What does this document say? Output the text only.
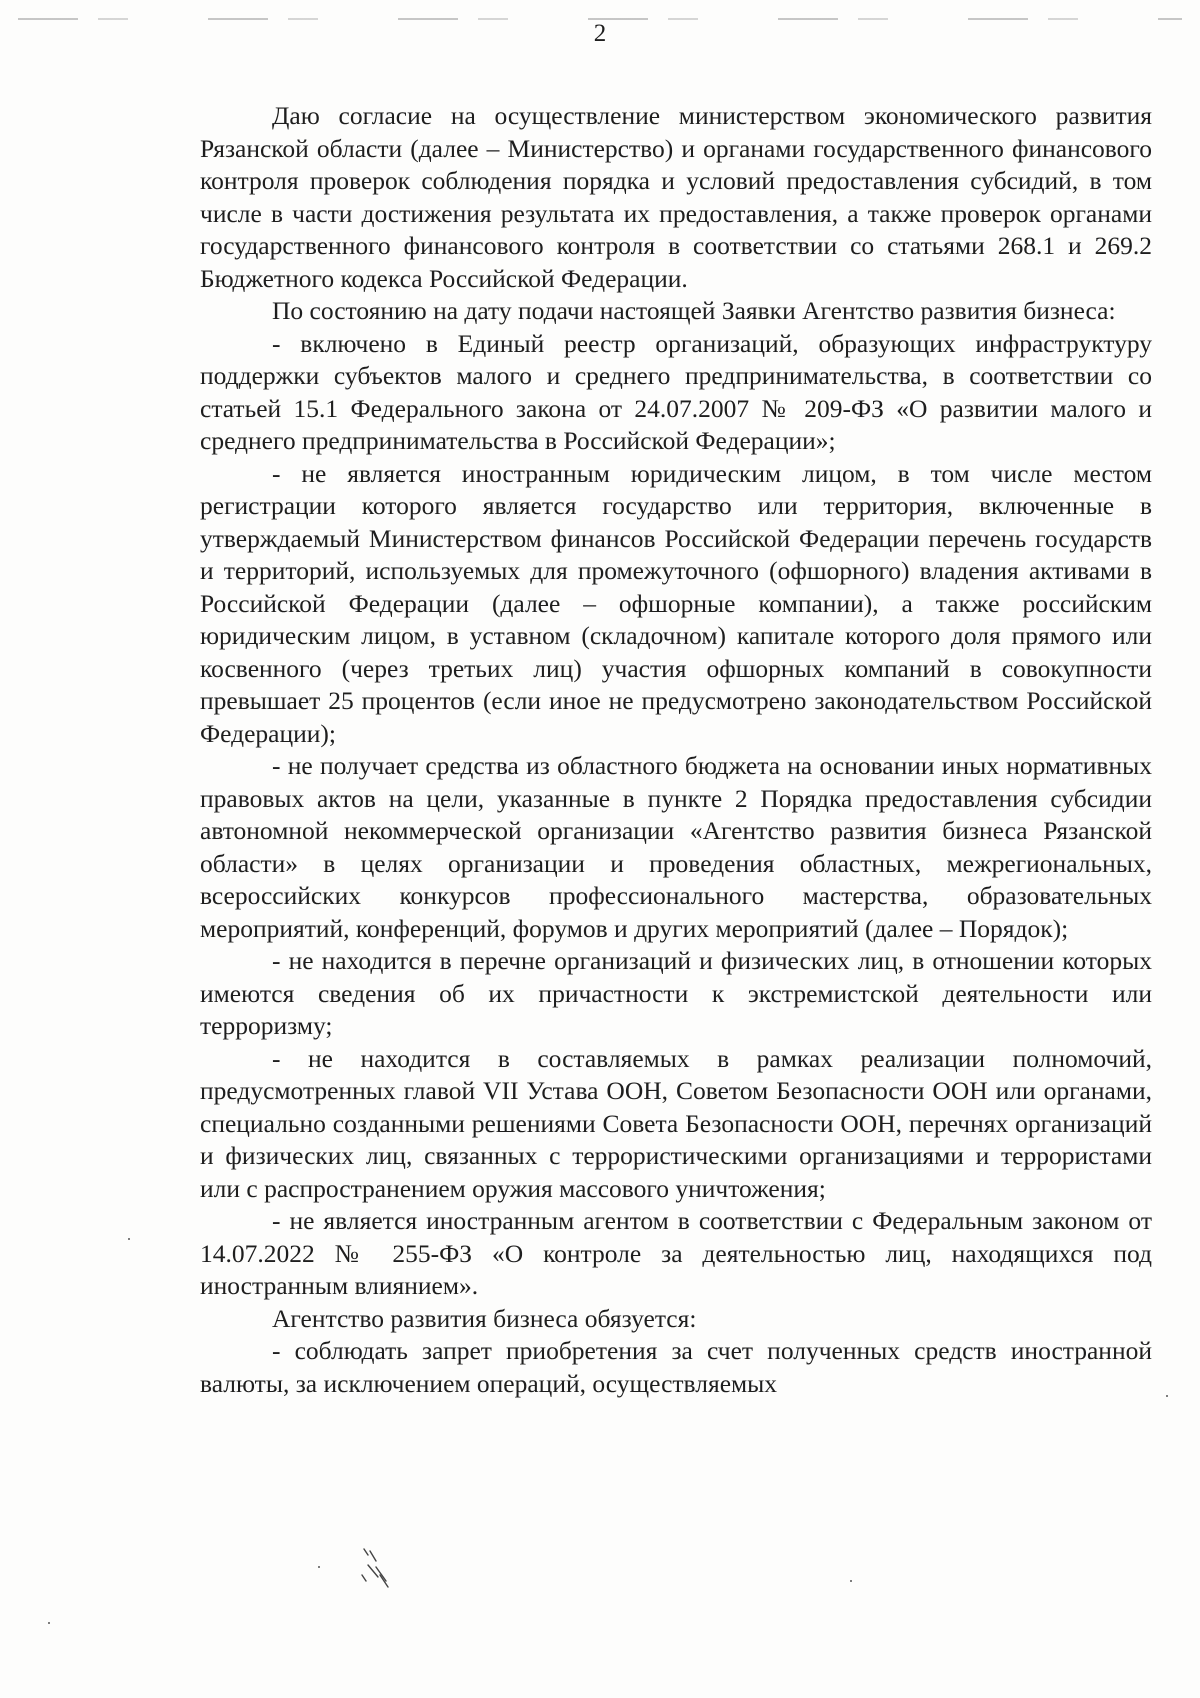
2

Даю согласие на осуществление министерством экономического развития Рязанской области (далее – Министерство) и органами государственного финансового контроля проверок соблюдения порядка и условий предоставления субсидий, в том числе в части достижения результата их предоставления, а также проверок органами государственного финансового контроля в соответствии со статьями 268.1 и 269.2 Бюджетного кодекса Российской Федерации.

По состоянию на дату подачи настоящей Заявки Агентство развития бизнеса:

- включено в Единый реестр организаций, образующих инфраструктуру поддержки субъектов малого и среднего предпринимательства, в соответствии со статьей 15.1 Федерального закона от 24.07.2007 № 209-ФЗ «О развитии малого и среднего предпринимательства в Российской Федерации»;

- не является иностранным юридическим лицом, в том числе местом регистрации которого является государство или территория, включенные в утверждаемый Министерством финансов Российской Федерации перечень государств и территорий, используемых для промежуточного (офшорного) владения активами в Российской Федерации (далее – офшорные компании), а также российским юридическим лицом, в уставном (складочном) капитале которого доля прямого или косвенного (через третьих лиц) участия офшорных компаний в совокупности превышает 25 процентов (если иное не предусмотрено законодательством Российской Федерации);

- не получает средства из областного бюджета на основании иных нормативных правовых актов на цели, указанные в пункте 2 Порядка предоставления субсидии автономной некоммерческой организации «Агентство развития бизнеса Рязанской области» в целях организации и проведения областных, межрегиональных, всероссийских конкурсов профессионального мастерства, образовательных мероприятий, конференций, форумов и других мероприятий (далее – Порядок);

- не находится в перечне организаций и физических лиц, в отношении которых имеются сведения об их причастности к экстремистской деятельности или терроризму;

- не находится в составляемых в рамках реализации полномочий, предусмотренных главой VII Устава ООН, Советом Безопасности ООН или органами, специально созданными решениями Совета Безопасности ООН, перечнях организаций и физических лиц, связанных с террористическими организациями и террористами или с распространением оружия массового уничтожения;

- не является иностранным агентом в соответствии с Федеральным законом от 14.07.2022 № 255-ФЗ «О контроле за деятельностью лиц, находящихся под иностранным влиянием».

Агентство развития бизнеса обязуется:

- соблюдать запрет приобретения за счет полученных средств иностранной валюты, за исключением операций, осуществляемых
